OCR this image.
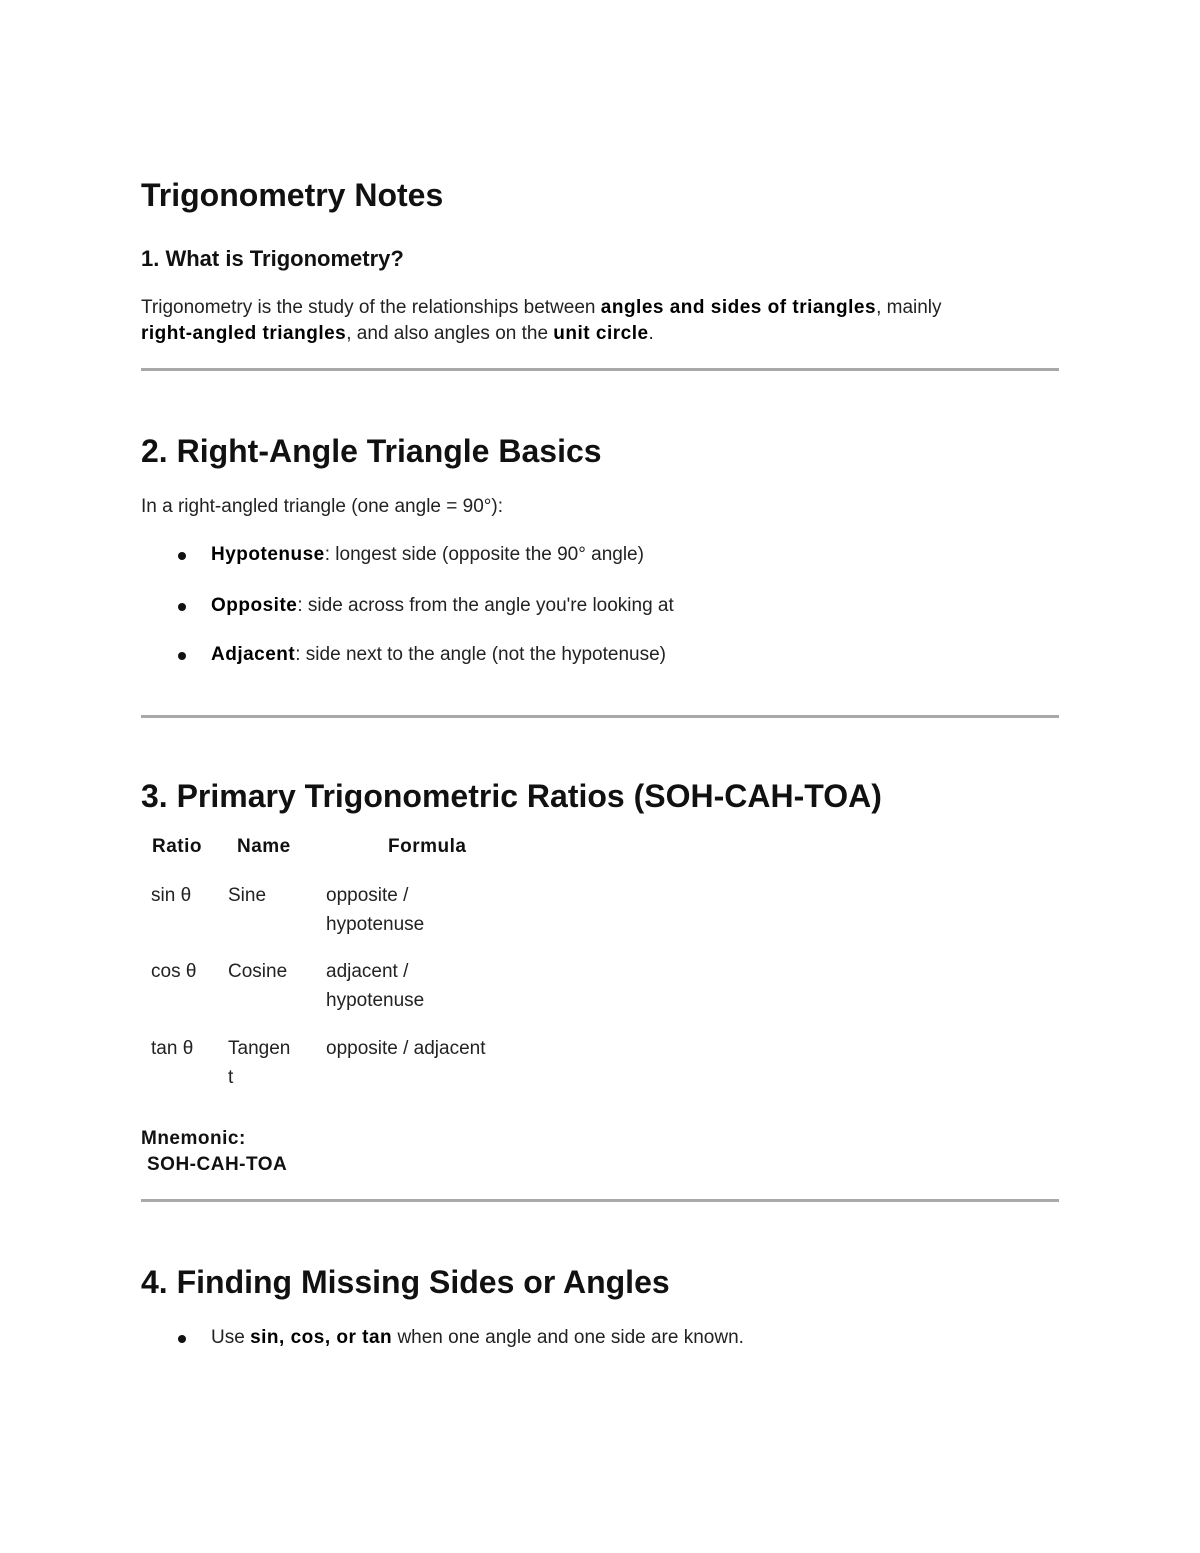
Trigonometry Notes
1. What is Trigonometry?
Trigonometry is the study of the relationships between angles and sides of triangles, mainly
right-angled triangles, and also angles on the unit circle.
2. Right-Angle Triangle Basics
In a right-angled triangle (one angle = 90°):
Hypotenuse: longest side (opposite the 90° angle)
Opposite: side across from the angle you're looking at
Adjacent: side next to the angle (not the hypotenuse)
3. Primary Trigonometric Ratios (SOH-CAH-TOA)
Ratio Name	Formula
sin θ Sine	opposite /
hypotenuse
cos θ Cosine adjacent /
hypotenuse
tan θ Tangen
t
opposite / adjacent
Mnemonic:
SOH-CAH-TOA
4. Finding Missing Sides or Angles
Use sin, cos, or tan when one angle and one side are known.
